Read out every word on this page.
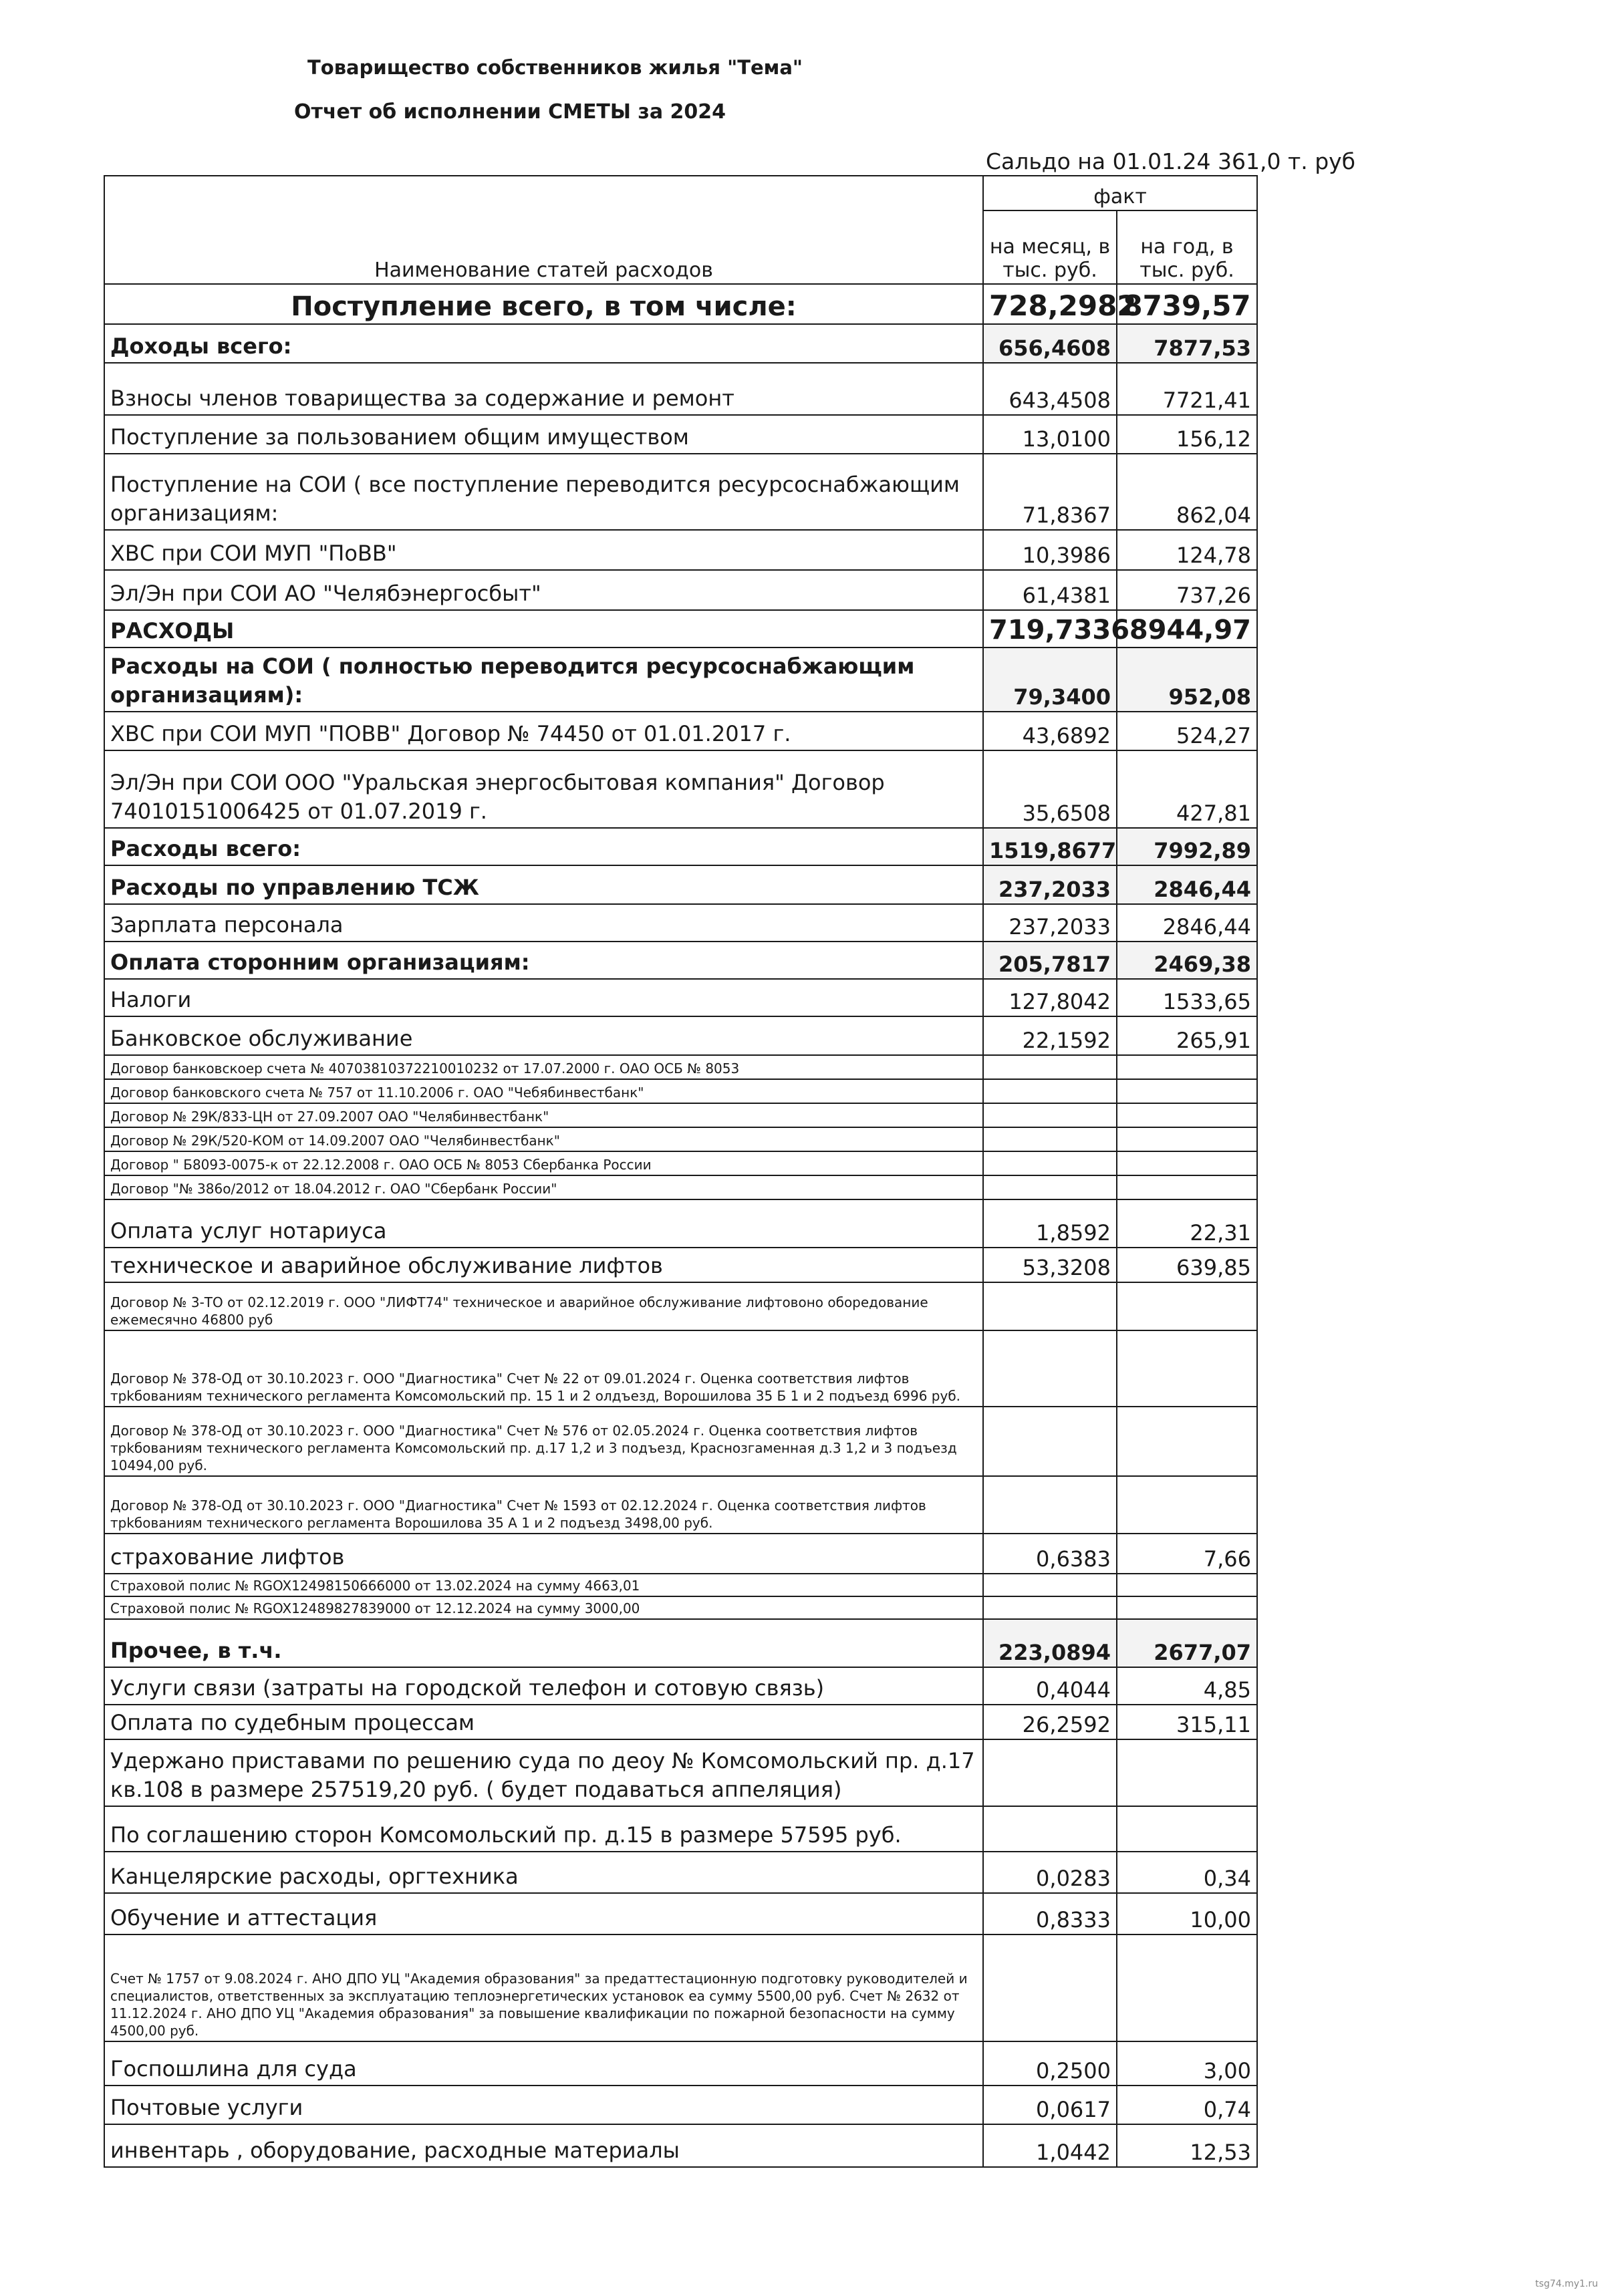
Товарищество собственников жилья "Тема"
Отчет об исполнении СМЕТЫ за 2024
Сальдо на 01.01.24 361,0 т. руб
Наименование статей расходов	факт	
	на месяц, в тыс. руб.	на год, в тыс. руб.
Поступление всего, в том числе:	728,2982	8739,57
Доходы всего:	656,4608	7877,53
Взносы членов товарищества за содержание и ремонт	643,4508	7721,41
Поступление за пользованием общим имуществом	13,0100	156,12
Поступление на СОИ ( все поступление переводится ресурсоснабжающим организациям:	71,8367	862,04
ХВС при СОИ МУП "ПоВВ"	10,3986	124,78
Эл/Эн при СОИ АО "Челябэнергосбыт"	61,4381	737,26
РАСХОДЫ	719,7336	8944,97
Расходы на СОИ ( полностью переводится ресурсоснабжающим организациям):	79,3400	952,08
ХВС при СОИ МУП "ПОВВ" Договор № 74450 от 01.01.2017 г.	43,6892	524,27
Эл/Эн при СОИ ООО "Уральская энергосбытовая компания" Договор 74010151006425 от 01.07.2019 г.	35,6508	427,81
Расходы всего:	1519,8677	7992,89
Расходы по управлению ТСЖ	237,2033	2846,44
Зарплата персонала	237,2033	2846,44
Оплата сторонним организациям:	205,7817	2469,38
Налоги	127,8042	1533,65
Банковское обслуживание	22,1592	265,91
Договор банковскоер счета № 40703810372210010232 от 17.07.2000 г. ОАО ОСБ № 8053		
Договор банковского счета № 757 от 11.10.2006 г. ОАО "Чебябинвестбанк"		
Договор № 29К/833-ЦН от 27.09.2007 ОАО "Челябинвестбанк"		
Договор № 29К/520-КОМ от 14.09.2007 ОАО "Челябинвестбанк"		
Договор " Б8093-0075-к от 22.12.2008 г. ОАО ОСБ № 8053 Сбербанка России		
Договор "№ 386о/2012 от 18.04.2012 г. ОАО "Сбербанк России"		
Оплата услуг нотариуса	1,8592	22,31
техническое и аварийное обслуживание лифтов	53,3208	639,85
Договор № 3-ТО от 02.12.2019 г. ООО "ЛИФТ74" техническое и аварийное обслуживание лифтовоно оборедование ежемесячно 46800 руб		
Договор № 378-ОД от 30.10.2023 г. ООО "Диагностика" Счет № 22 от 09.01.2024 г. Оценка соответствия лифтов трkбованиям технического регламента Комсомольский пр. 15 1 и 2 олдъезд, Ворошилова 35 Б 1 и 2 подъезд 6996 руб.		
Договор № 378-ОД от 30.10.2023 г. ООО "Диагностика" Счет № 576 от 02.05.2024 г. Оценка соответствия лифтов трkбованиям технического регламента Комсомольский пр. д.17 1,2 и 3 подъезд, Краснозгаменная д.3 1,2 и 3 подъезд 10494,00 руб.		
Договор № 378-ОД от 30.10.2023 г. ООО "Диагностика" Счет № 1593 от 02.12.2024 г. Оценка соответствия лифтов трkбованиям технического регламента Ворошилова 35 А 1 и 2 подъезд 3498,00 руб.		
страхование лифтов	0,6383	7,66
Страховой полис № RGOX12498150666000 от 13.02.2024 на сумму 4663,01		
Страховой полис № RGOX12489827839000 от 12.12.2024 на сумму 3000,00		
Прочее, в т.ч.	223,0894	2677,07
Услуги связи (затраты на городской телефон и сотовую связь)	0,4044	4,85
Оплата по судебным процессам	26,2592	315,11
Удержано приставами по решению суда по деоу № Комсомольский пр. д.17 кв.108 в размере 257519,20 руб. ( будет подаваться аппеляция)		
По соглашению сторон Комсомольский пр. д.15 в размере 57595 руб.		
Канцелярские расходы, оргтехника	0,0283	0,34
Обучение и аттестация	0,8333	10,00
Счет № 1757 от 9.08.2024 г. АНО ДПО УЦ "Академия образования" за предаттестационную подготовку руководителей и специалистов, ответственных за эксплуатацию теплоэнергетических установок еа сумму 5500,00 руб. Счет № 2632 от 11.12.2024 г. АНО ДПО УЦ "Академия образования" за повышение квалификации по пожарной безопасности на сумму 4500,00 руб.		
Госпошлина для суда	0,2500	3,00
Почтовые услуги	0,0617	0,74
инвентарь , оборудование, расходные материалы	1,0442	12,53
tsg74.my1.ru
